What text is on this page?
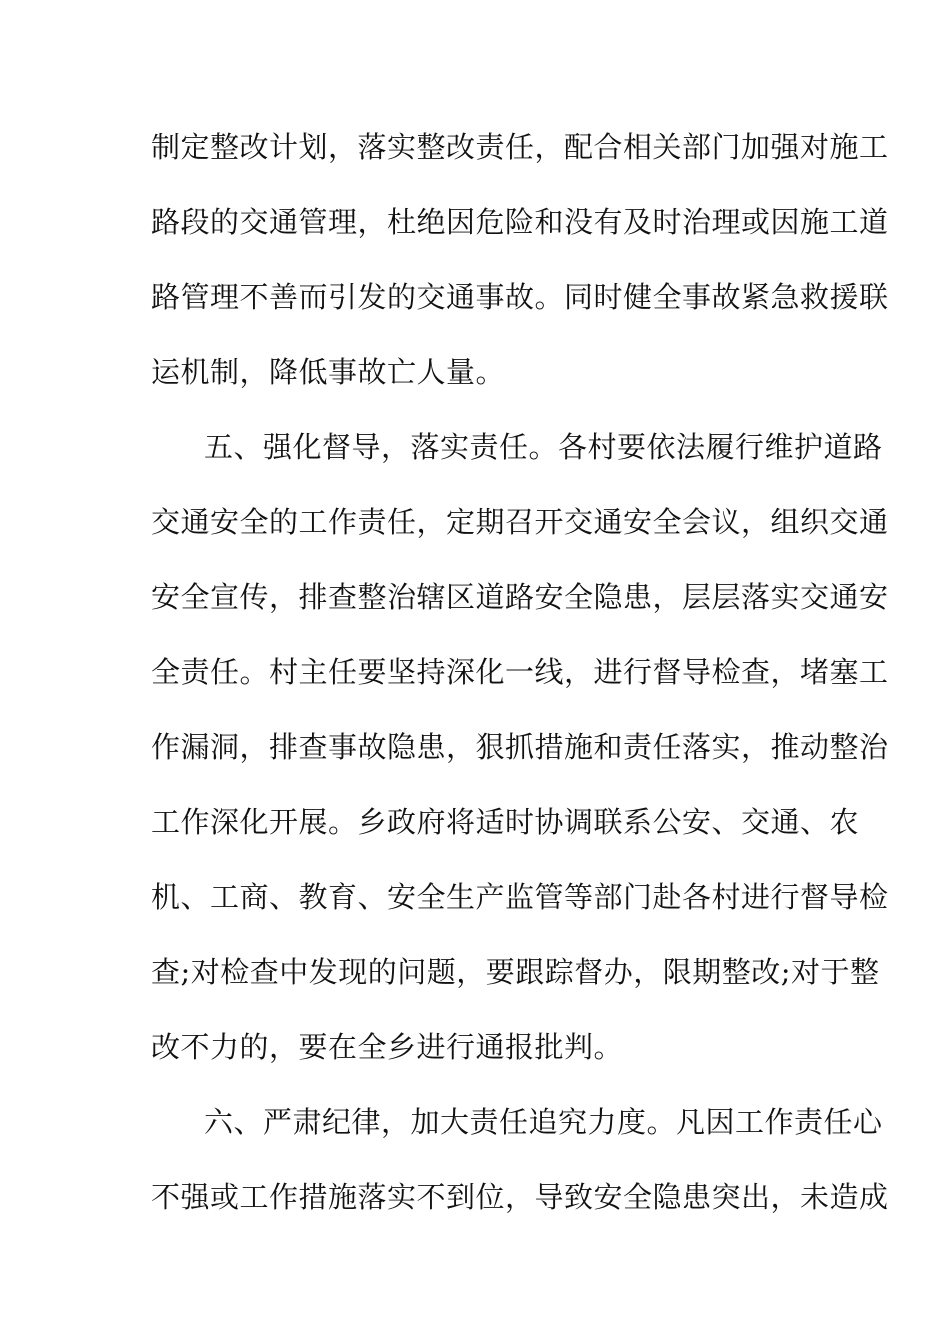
制定整改计划，落实整改责任，配合相关部门加强对施工
路段的交通管理，杜绝因危险和没有及时治理或因施工道
路管理不善而引发的交通事故。同时健全事故紧急救援联
运机制，降低事故亡人量。
五、强化督导，落实责任。各村要依法履行维护道路
交通安全的工作责任，定期召开交通安全会议，组织交通
安全宣传，排查整治辖区道路安全隐患，层层落实交通安
全责任。村主任要坚持深化一线，进行督导检查，堵塞工
作漏洞，排查事故隐患，狠抓措施和责任落实，推动整治
工作深化开展。乡政府将适时协调联系公安、交通、农
机、工商、教育、安全生产监管等部门赴各村进行督导检
查;对检查中发现的问题，要跟踪督办，限期整改;对于整
改不力的，要在全乡进行通报批判。
六、严肃纪律，加大责任追究力度。凡因工作责任心
不强或工作措施落实不到位，导致安全隐患突出，未造成
